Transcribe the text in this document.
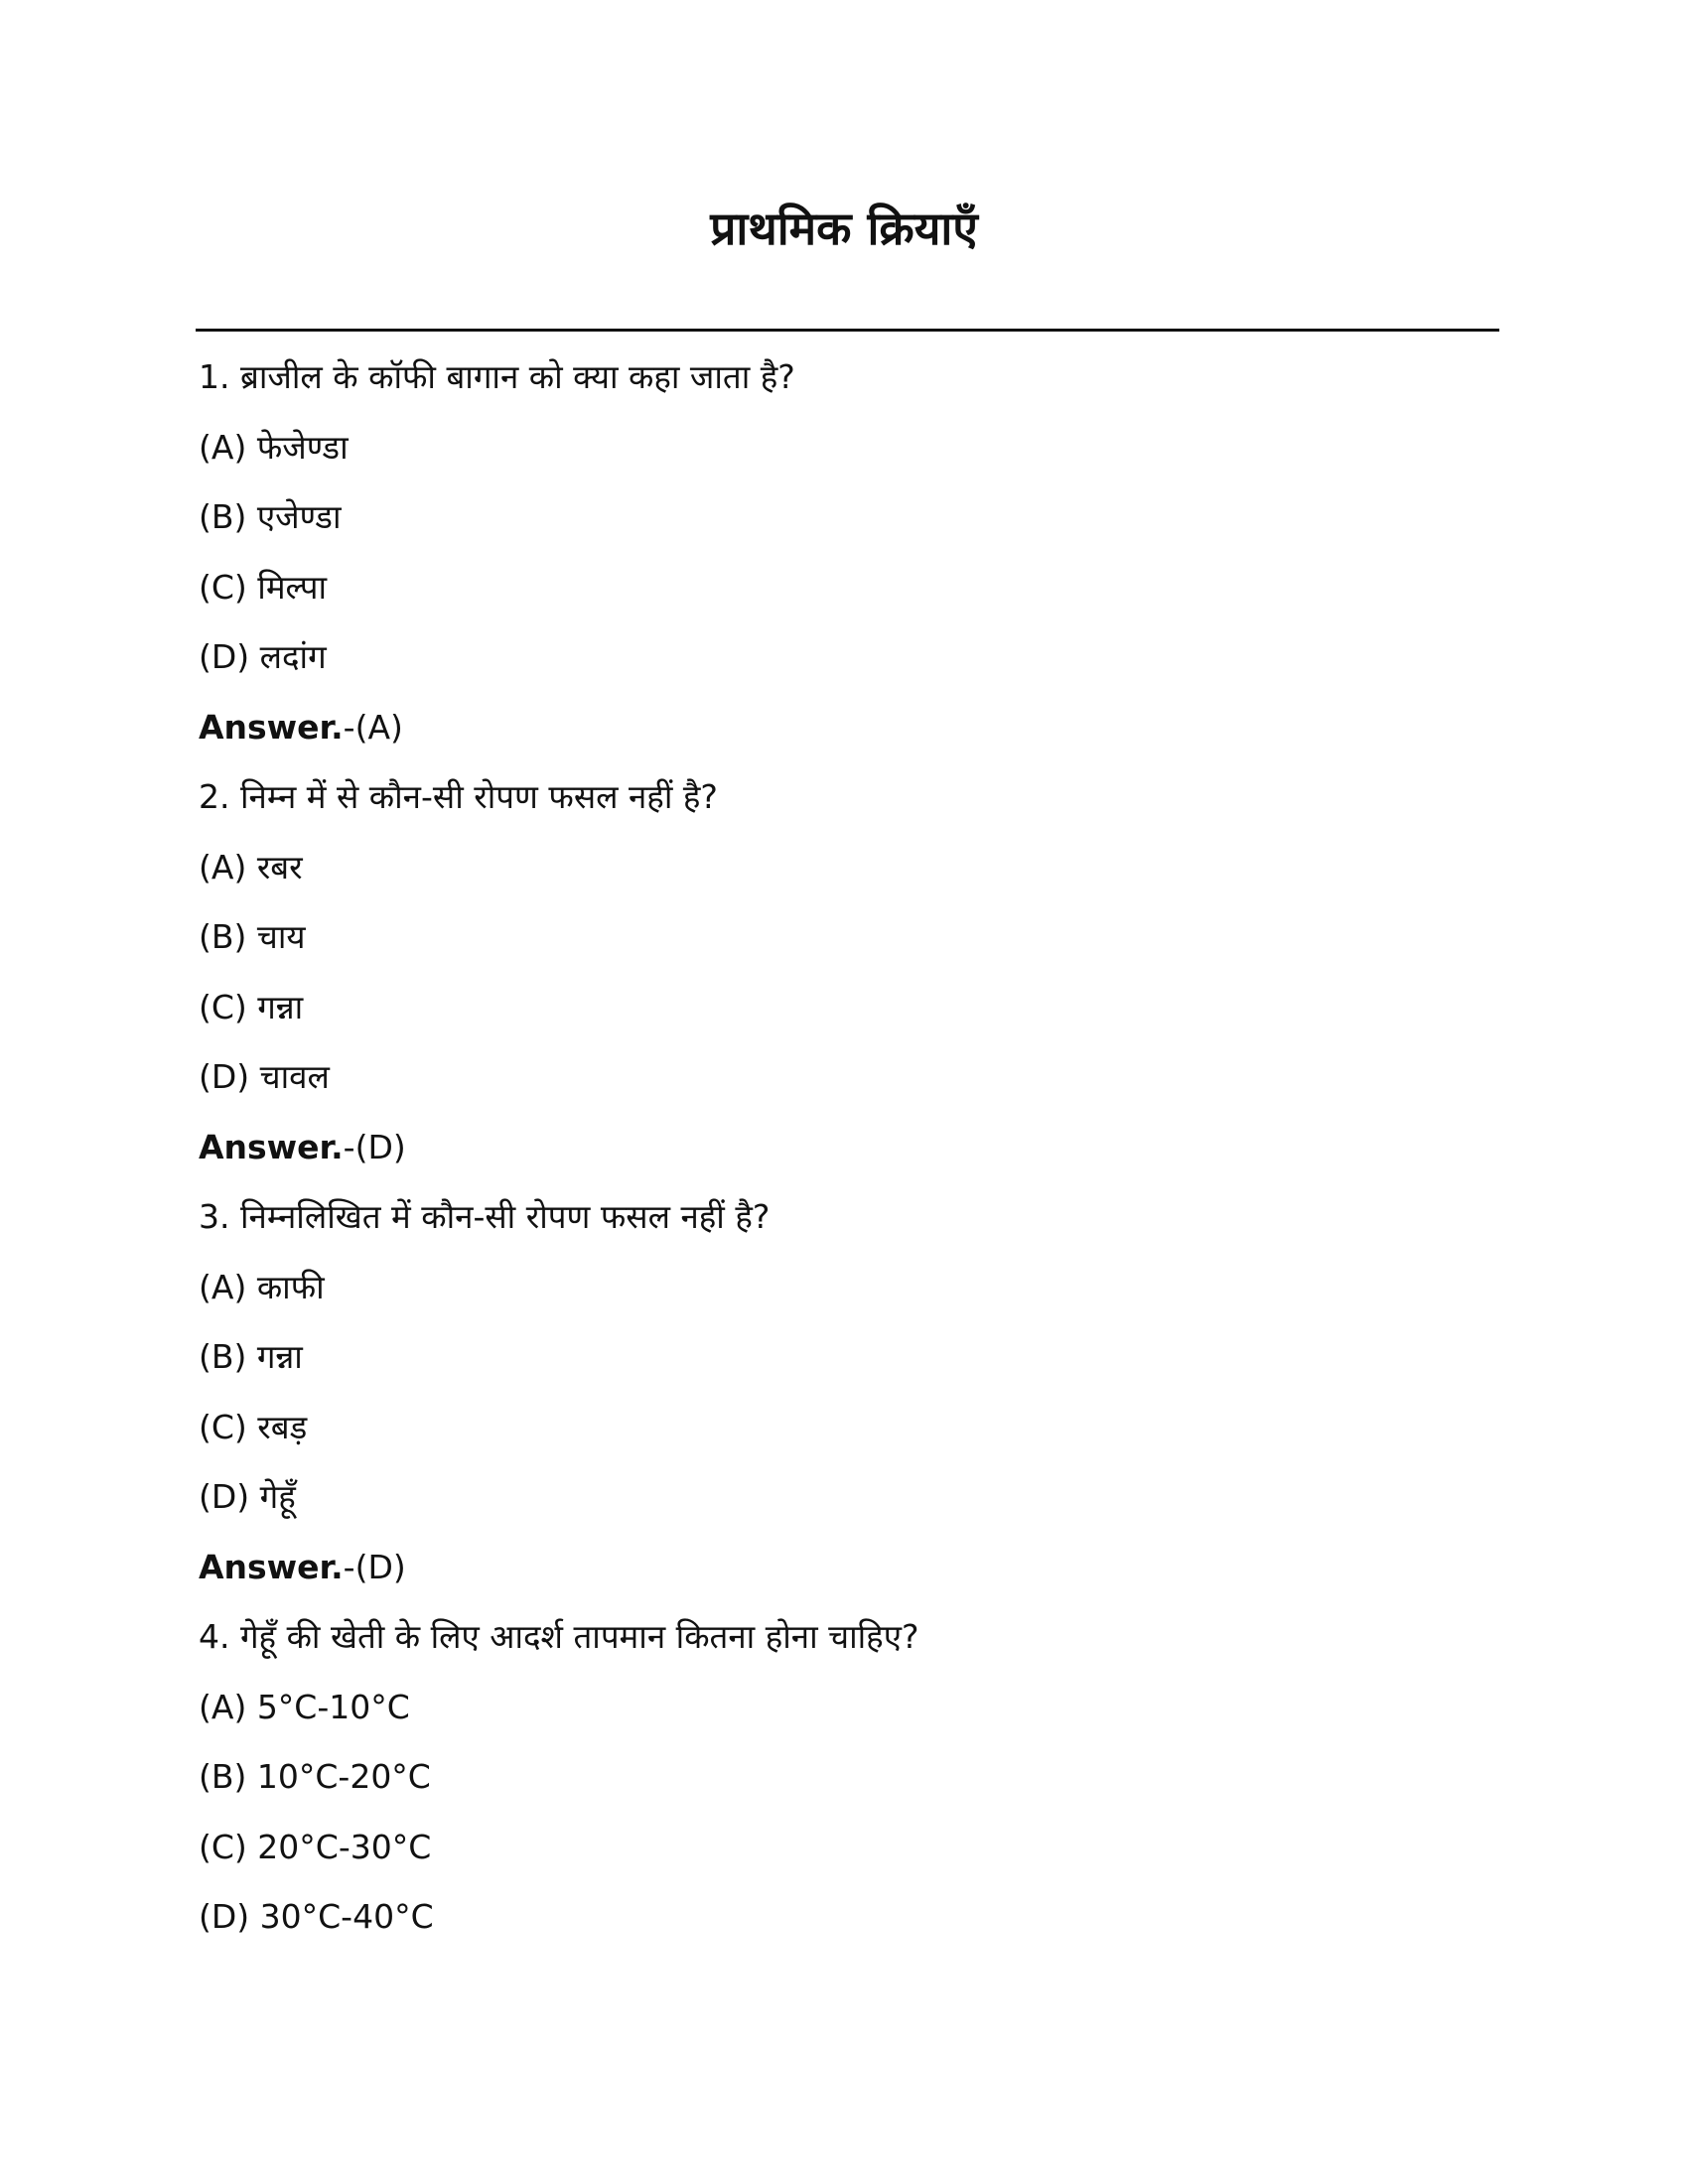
प्राथमिक क्रियाएँ
1. ब्राजील के कॉफी बागान को क्या कहा जाता है?
(A) फेजेण्डा
(B) एजेण्डा
(C) मिल्पा
(D) लदांग
Answer.-(A)
2. निम्न में से कौन-सी रोपण फसल नहीं है?
(A) रबर
(B) चाय
(C) गन्ना
(D) चावल
Answer.-(D)
3. निम्नलिखित में कौन-सी रोपण फसल नहीं है?
(A) काफी
(B) गन्ना
(C) रबड़
(D) गेहूँ
Answer.-(D)
4. गेहूँ की खेती के लिए आदर्श तापमान कितना होना चाहिए?
(A) 5°C-10°C
(B) 10°C-20°C
(C) 20°C-30°C
(D) 30°C-40°C
